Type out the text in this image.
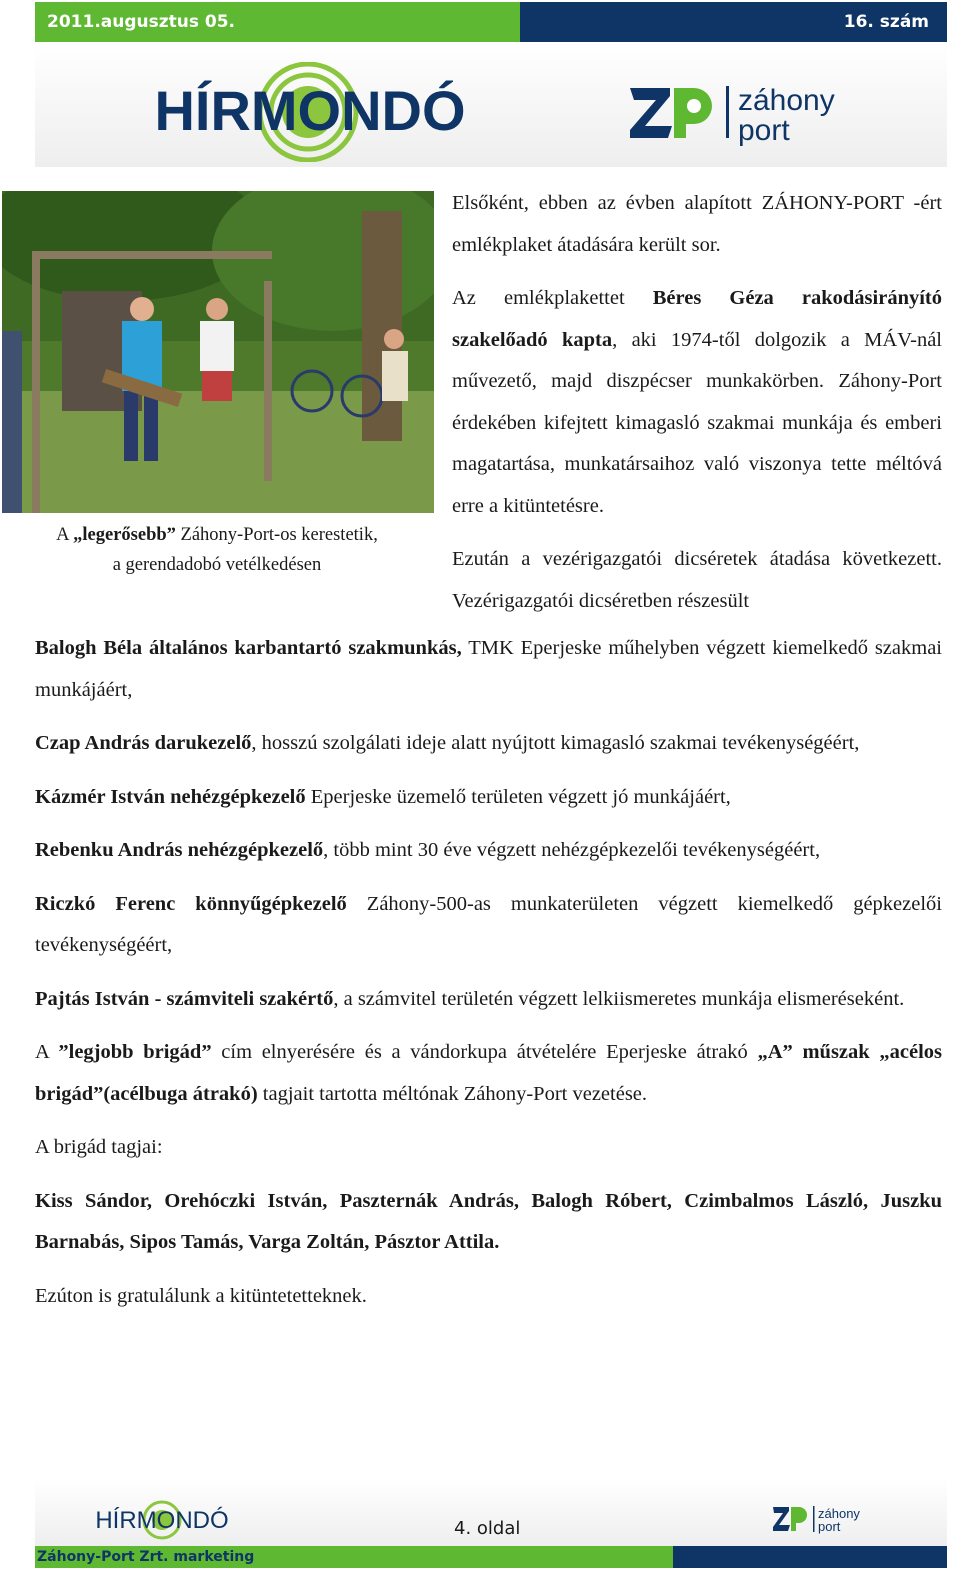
2011.augusztus 05.	16. szám
HÍRMONDÓ	záhony
port
A „legerősebb” Záhony-Port-os kerestetik,
a gerendadobó vetélkedésen

Elsőként, ebben az évben alapított ZÁHONY-PORT -ért emlékplaket átadására került sor.

Az emlékplakettet Béres Géza rakodásirányító szakelőadó kapta, aki 1974-től dolgozik a MÁV-nál művezető, majd diszpécser munkakörben. Záhony-Port érdekében kifejtett kimagasló szakmai munkája és emberi magatartása, munkatársaihoz való viszonya tette méltóvá erre a kitüntetésre.

Ezután a vezérigazgatói dicséretek átadása következett. Vezérigazgatói dicséretben részesült

Balogh Béla általános karbantartó szakmunkás, TMK Eperjeske műhelyben végzett kiemelkedő szakmai munkájáért,

Czap András darukezelő, hosszú szolgálati ideje alatt nyújtott kimagasló szakmai tevékenységéért,

Kázmér István nehézgépkezelő Eperjeske üzemelő területen végzett jó munkájáért,

Rebenku András nehézgépkezelő, több mint 30 éve végzett nehézgépkezelői tevékenységéért,

Riczkó Ferenc könnyűgépkezelő Záhony-500-as munkaterületen végzett kiemelkedő gépkezelői tevékenységéért,

Pajtás István - számviteli szakértő, a számvitel területén végzett lelkiismeretes munkája elismeréseként.

A ”legjobb brigád” cím elnyerésére és a vándorkupa átvételére Eperjeske átrakó „A” műszak „acélos brigád”(acélbuga átrakó) tagjait tartotta méltónak Záhony-Port vezetése.

A brigád tagjai:

Kiss Sándor, Orehóczki István, Paszternák András, Balogh Róbert, Czimbalmos László, Juszku Barnabás, Sipos Tamás, Varga Zoltán, Pásztor Attila.

Ezúton is gratulálunk a kitüntetetteknek.

HÍRMONDÓ	4. oldal
záhony
port
Záhony-Port Zrt. marketing
